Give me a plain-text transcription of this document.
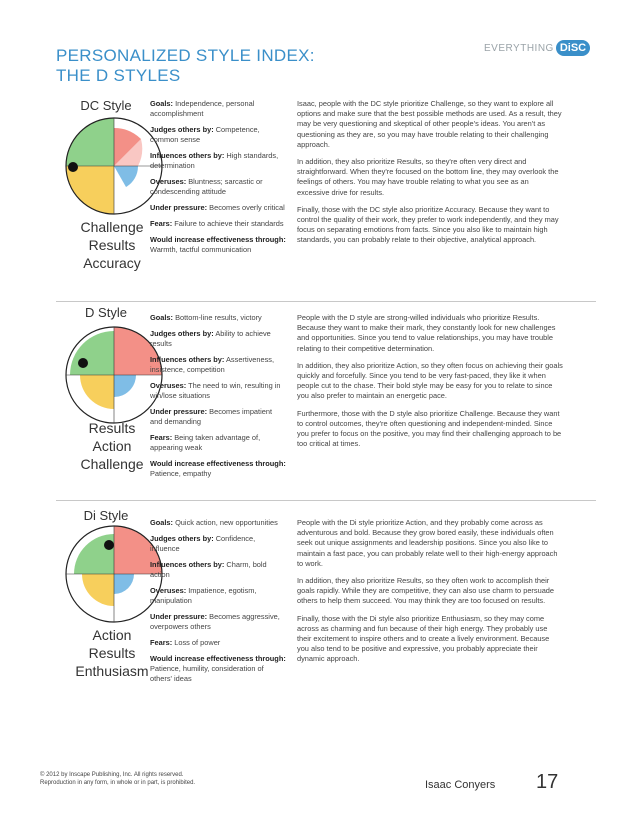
PERSONALIZED STYLE INDEX:
THE D STYLES
EVERYTHING DiSC
DC Style
Challenge
Results
Accuracy

Goals: Independence, personal accomplishment

Judges others by: Competence, common sense

Influences others by: High standards, determination

Overuses: Bluntness; sarcastic or condescending attitude

Under pressure: Becomes overly critical

Fears: Failure to achieve their standards

Would increase effectiveness through: Warmth, tactful communication

Isaac, people with the DC style prioritize Challenge, so they want to explore all options and make sure that the best possible methods are used. As a result, they may be very questioning and skeptical of other people's ideas. You aren't as questioning as they are, so you may have trouble relating to their challenging approach.

In addition, they also prioritize Results, so they're often very direct and straightforward. When they're focused on the bottom line, they may overlook the feelings of others. You may have trouble relating to what you see as an excessive drive for results.

Finally, those with the DC style also prioritize Accuracy. Because they want to control the quality of their work, they prefer to work independently, and they may focus on separating emotions from facts. Since you also like to maintain high standards, you can probably relate to their objective, analytical approach.

D Style
Results
Action
Challenge

Goals: Bottom-line results, victory

Judges others by: Ability to achieve results

Influences others by: Assertiveness, insistence, competition

Overuses: The need to win, resulting in win/lose situations

Under pressure: Becomes impatient and demanding

Fears: Being taken advantage of, appearing weak

Would increase effectiveness through: Patience, empathy

People with the D style are strong-willed individuals who prioritize Results. Because they want to make their mark, they constantly look for new challenges and opportunities. Since you tend to value relationships, you may have trouble relating to their competitive determination.

In addition, they also prioritize Action, so they often focus on achieving their goals quickly and forcefully. Since you tend to be very fast-paced, they like it when people cut to the chase. Their bold style may be easy for you to relate to since you also prefer to maintain an energetic pace.

Furthermore, those with the D style also prioritize Challenge. Because they want to control outcomes, they're often questioning and independent-minded. Since you prefer to focus on the positive, you may find their challenging approach to be too critical at times.

Di Style
Action
Results
Enthusiasm

Goals: Quick action, new opportunities

Judges others by: Confidence, influence

Influences others by: Charm, bold action

Overuses: Impatience, egotism, manipulation

Under pressure: Becomes aggressive, overpowers others

Fears: Loss of power

Would increase effectiveness through: Patience, humility, consideration of others' ideas

People with the Di style prioritize Action, and they probably come across as adventurous and bold. Because they grow bored easily, these individuals often seek out unique assignments and leadership positions. Since you also like to maintain a fast pace, you can probably relate well to their high-energy approach to work.

In addition, they also prioritize Results, so they often work to accomplish their goals rapidly. While they are competitive, they can also use charm to persuade others to help them succeed. You may think they are too focused on results.

Finally, those with the Di style also prioritize Enthusiasm, so they may come across as charming and fun because of their high energy. They probably use their excitement to inspire others and to create a lively environment. Because you also tend to be positive and expressive, you probably appreciate their dynamic approach.

© 2012 by Inscape Publishing, Inc. All rights reserved.
Reproduction in any form, in whole or in part, is prohibited.	Isaac Conyers 17
